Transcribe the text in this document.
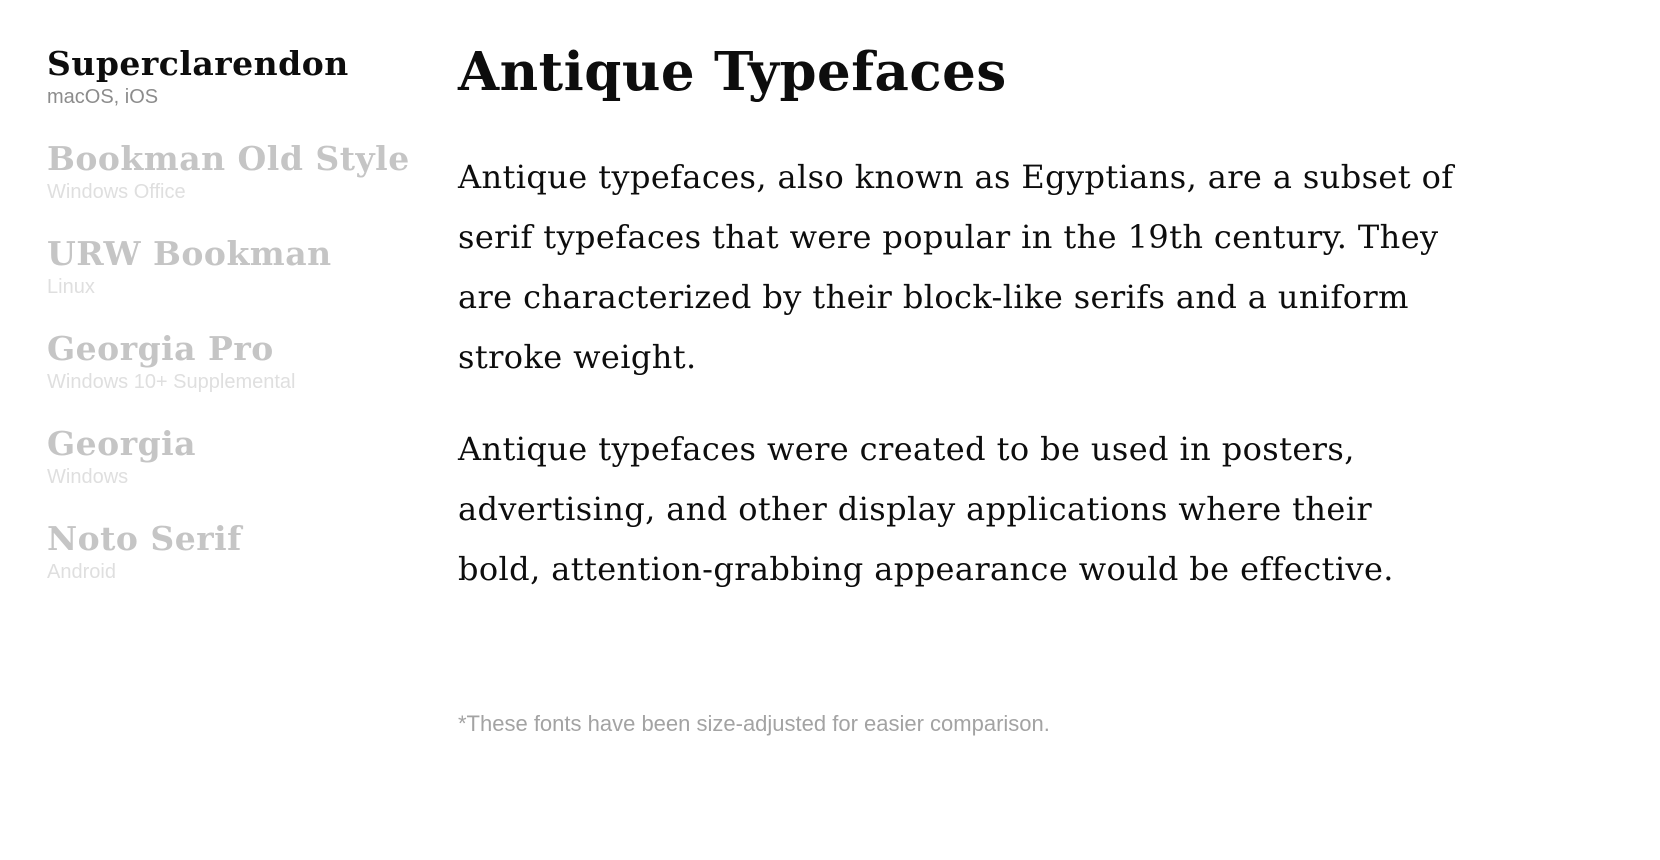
Superclarendon
macOS, iOS
Bookman Old Style
Windows Office
URW Bookman
Linux
Georgia Pro
Windows 10+ Supplemental
Georgia
Windows
Noto Serif
Android
Antique Typefaces

Antique typefaces, also known as Egyptians, are a subset of serif typefaces that were popular in the 19th century. They are characterized by their block-like serifs and a uniform stroke weight.

Antique typefaces were created to be used in posters, advertising, and other display applications where their bold, attention-grabbing appearance would be effective.

*These fonts have been size-adjusted for easier comparison.
